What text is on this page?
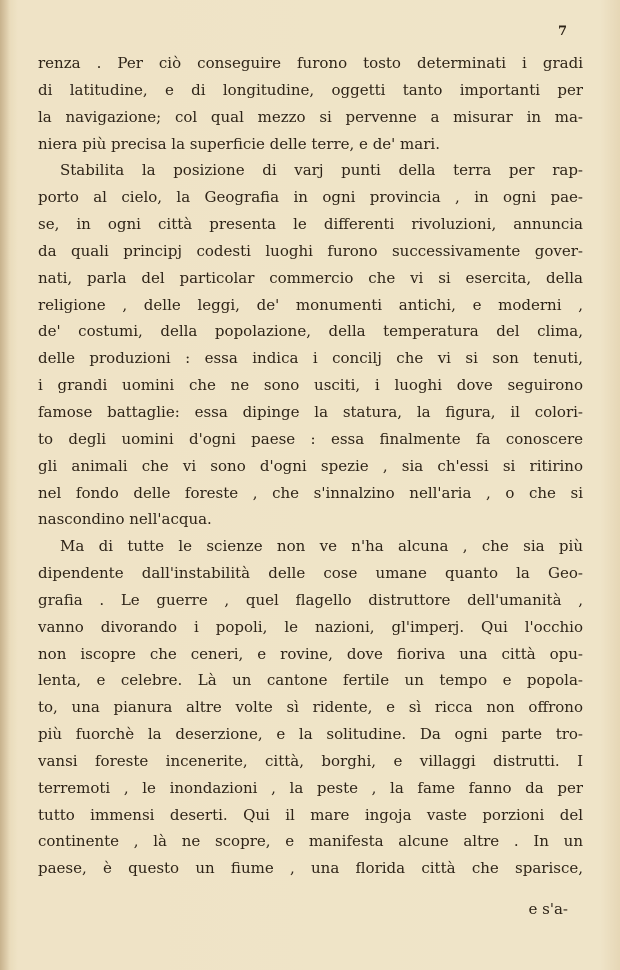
7
renza . Per ciò conseguire furono tosto determinati i gradi
di latitudine, e di longitudine, oggetti tanto importanti per
la navigazione; col qual mezzo si pervenne a misurar in ma-
niera più precisa la superficie delle terre, e de' mari.
Stabilita la posizione di varj punti della terra per rap-
porto al cielo, la Geografia in ogni provincia , in ogni pae-
se, in ogni città presenta le differenti rivoluzioni, annuncia
da quali principj codesti luoghi furono successivamente gover-
nati, parla del particolar commercio che vi si esercita, della
religione , delle leggi, de' monumenti antichi, e moderni ,
de' costumi, della popolazione, della temperatura del clima,
delle produzioni : essa indica i concilj che vi si son tenuti,
i grandi uomini che ne sono usciti, i luoghi dove seguirono
famose battaglie: essa dipinge la statura, la figura, il colori-
to degli uomini d'ogni paese : essa finalmente fa conoscere
gli animali che vi sono d'ogni spezie , sia ch'essi si ritirino
nel fondo delle foreste , che s'innalzino nell'aria , o che si
nascondino nell'acqua.
Ma di tutte le scienze non ve n'ha alcuna , che sia più
dipendente dall'instabilità delle cose umane quanto la Geo-
grafia . Le guerre , quel flagello distruttore dell'umanità ,
vanno divorando i popoli, le nazioni, gl'imperj. Qui l'occhio
non iscopre che ceneri, e rovine, dove fioriva una città opu-
lenta, e celebre. Là un cantone fertile un tempo e popola-
to, una pianura altre volte sì ridente, e sì ricca non offrono
più fuorchè la deserzione, e la solitudine. Da ogni parte tro-
vansi foreste incenerite, città, borghi, e villaggi distrutti. I
terremoti , le inondazioni , la peste , la fame fanno da per
tutto immensi deserti. Qui il mare ingoja vaste porzioni del
continente , là ne scopre, e manifesta alcune altre . In un
paese, è questo un fiume , una florida città che sparisce,
e s'a-
